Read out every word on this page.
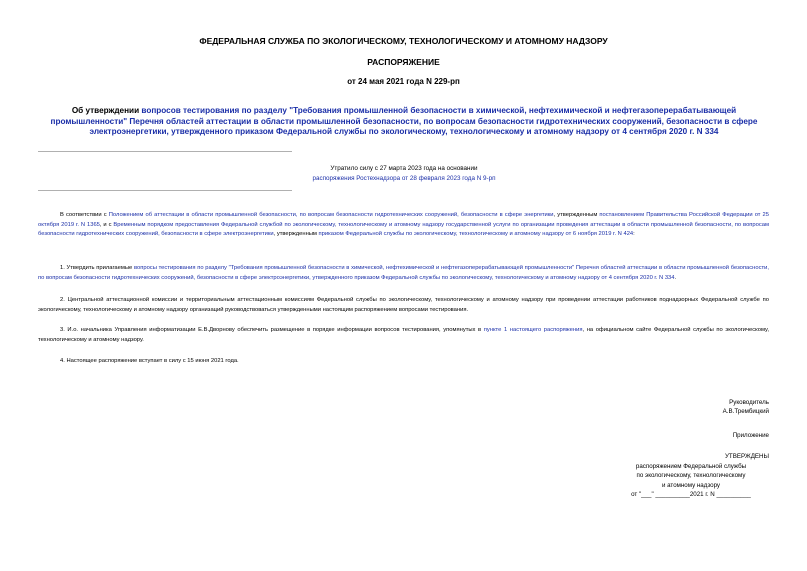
ФЕДЕРАЛЬНАЯ СЛУЖБА ПО ЭКОЛОГИЧЕСКОМУ, ТЕХНОЛОГИЧЕСКОМУ И АТОМНОМУ НАДЗОРУ
РАСПОРЯЖЕНИЕ
от 24 мая 2021 года N 229-рп
Об утверждении вопросов тестирования по разделу "Требования промышленной безопасности в химической, нефтехимической и нефтегазоперерабатывающей промышленности" Перечня областей аттестации в области промышленной безопасности, по вопросам безопасности гидротехнических сооружений, безопасности в сфере электроэнергетики, утвержденного приказом Федеральной службы по экологическому, технологическому и атомному надзору от 4 сентября 2020 г. N 334
Утратило силу с 27 марта 2023 года на основании
распоряжения Ростехнадзора от 28 февраля 2023 года N 9-рп

В соответствии с Положением об аттестации в области промышленной безопасности, по вопросам безопасности гидротехнических сооружений, безопасности в сфере энергетики, утвержденным постановлением Правительства Российской Федерации от 25 октября 2019 г. N 1365, и с Временным порядком предоставления Федеральной службой по экологическому, технологическому и атомному надзору государственной услуги по организации проведения аттестации в области промышленной безопасности, по вопросам безопасности гидротехнических сооружений, безопасности в сфере электроэнергетики, утвержденным приказом Федеральной службы по экологическому, технологическому и атомному надзору от 6 ноября 2019 г. N 424:

1. Утвердить прилагаемые вопросы тестирования по разделу "Требования промышленной безопасности в химической, нефтехимической и нефтегазоперерабатывающей промышленности" Перечня областей аттестации в области промышленной безопасности, по вопросам безопасности гидротехнических сооружений, безопасности в сфере электроэнергетики, утвержденного приказом Федеральной службы по экологическому, технологическому и атомному надзору от 4 сентября 2020 г. N 334.

2. Центральной аттестационной комиссии и территориальным аттестационным комиссиям Федеральной службы по экологическому, технологическому и атомному надзору при проведении аттестации работников поднадзорных Федеральной службе по экологическому, технологическому и атомному надзору организаций руководствоваться утвержденными настоящим распоряжением вопросами тестирования.

3. И.о. начальника Управления информатизации Е.В.Дворнову обеспечить размещение в порядке информации вопросов тестирования, упомянутых в пункте 1 настоящего распоряжения, на официальном сайте Федеральной службы по экологическому, технологическому и атомному надзору.

4. Настоящее распоряжение вступает в силу с 15 июня 2021 года.

Руководитель
А.В.Трембицкий
Приложение
УТВЕРЖДЕНЫ
распоряжением Федеральной службы
по экологическому, технологическому
и атомному надзору
от "___" __________2021 г. N __________
